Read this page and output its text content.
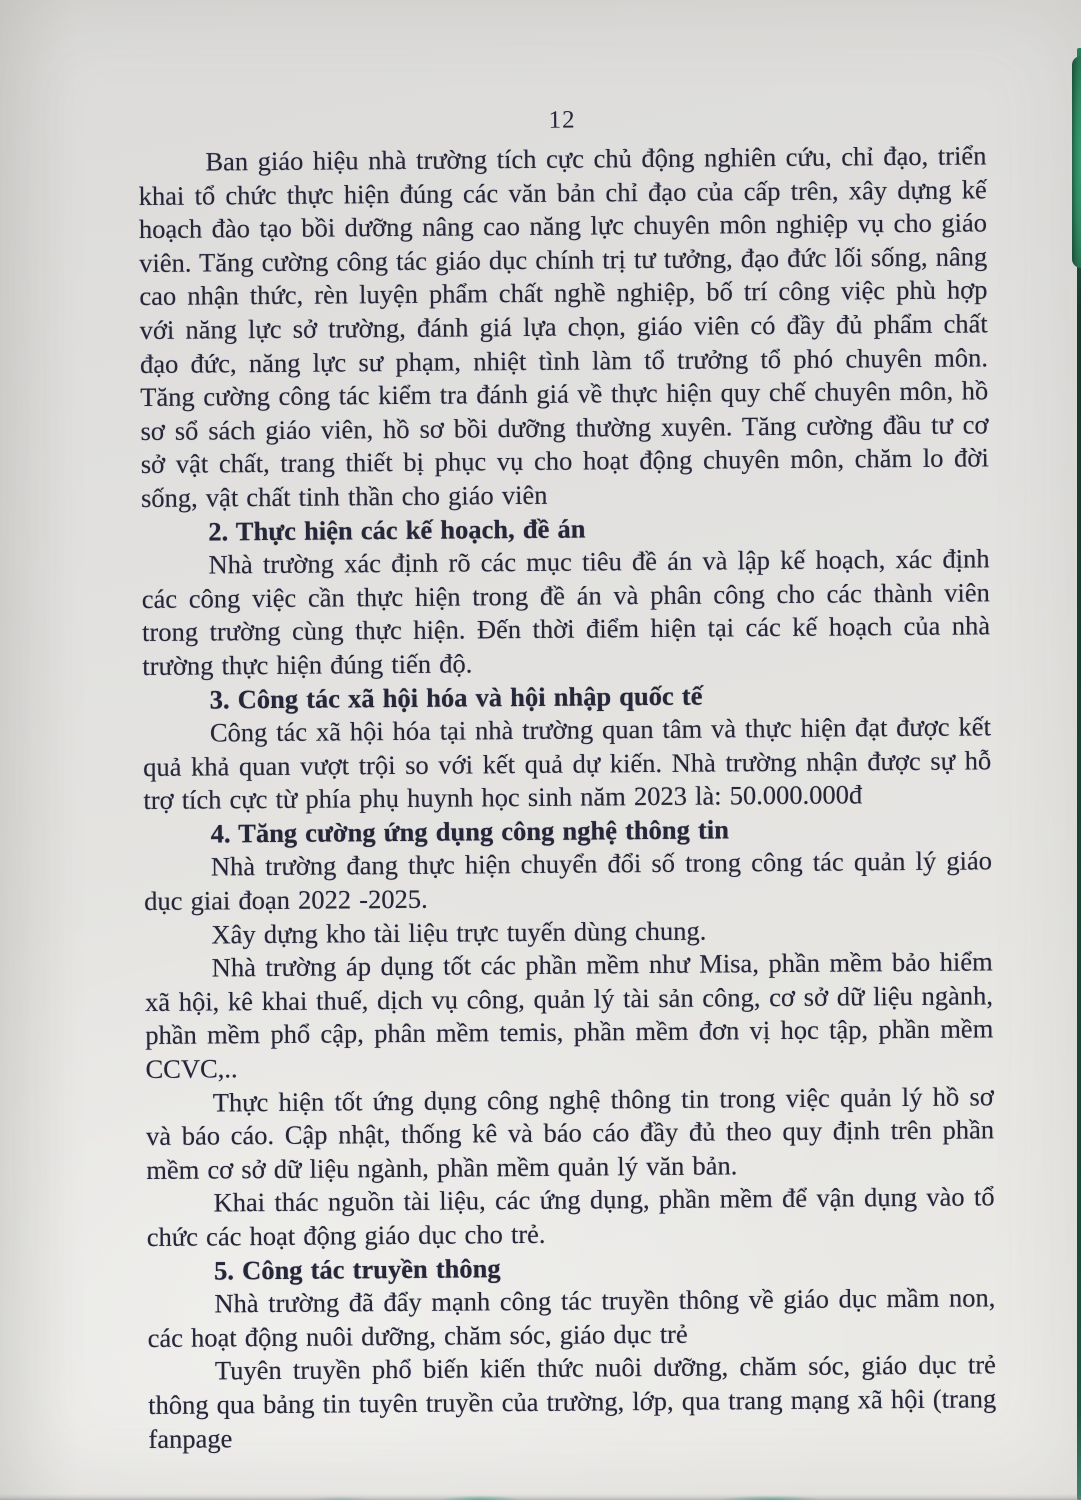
12

Ban giáo hiệu nhà trường tích cực chủ động nghiên cứu, chỉ đạo, triển khai tổ chức thực hiện đúng các văn bản chỉ đạo của cấp trên, xây dựng kế hoạch đào tạo bồi dưỡng nâng cao năng lực chuyên môn nghiệp vụ cho giáo viên. Tăng cường công tác giáo dục chính trị tư tưởng, đạo đức lối sống, nâng cao nhận thức, rèn luyện phẩm chất nghề nghiệp, bố trí công việc phù hợp với năng lực sở trường, đánh giá lựa chọn, giáo viên có đầy đủ phẩm chất đạo đức, năng lực sư phạm, nhiệt tình làm tổ trưởng tổ phó chuyên môn. Tăng cường công tác kiểm tra đánh giá về thực hiện quy chế chuyên môn, hồ sơ sổ sách giáo viên, hồ sơ bồi dưỡng thường xuyên. Tăng cường đầu tư cơ sở vật chất, trang thiết bị phục vụ cho hoạt động chuyên môn, chăm lo đời sống, vật chất tinh thần cho giáo viên

2. Thực hiện các kế hoạch, đề án

Nhà trường xác định rõ các mục tiêu đề án và lập kế hoạch, xác định các công việc cần thực hiện trong đề án và phân công cho các thành viên trong trường cùng thực hiện. Đến thời điểm hiện tại các kế hoạch của nhà trường thực hiện đúng tiến độ.

3. Công tác xã hội hóa và hội nhập quốc tế

Công tác xã hội hóa tại nhà trường quan tâm và thực hiện đạt được kết quả khả quan vượt trội so với kết quả dự kiến. Nhà trường nhận được sự hỗ trợ tích cực từ phía phụ huynh học sinh năm 2023 là: 50.000.000đ

4. Tăng cường ứng dụng công nghệ thông tin

Nhà trường đang thực hiện chuyển đổi số trong công tác quản lý giáo dục giai đoạn 2022 -2025.

Xây dựng kho tài liệu trực tuyến dùng chung.

Nhà trường áp dụng tốt các phần mềm như Misa, phần mềm bảo hiểm xã hội, kê khai thuế, dịch vụ công, quản lý tài sản công, cơ sở dữ liệu ngành, phần mềm phổ cập, phân mềm temis, phần mềm đơn vị học tập, phần mềm CCVC,..

Thực hiện tốt ứng dụng công nghệ thông tin trong việc quản lý hồ sơ và báo cáo. Cập nhật, thống kê và báo cáo đầy đủ theo quy định trên phần mềm cơ sở dữ liệu ngành, phần mềm quản lý văn bản.

Khai thác nguồn tài liệu, các ứng dụng, phần mềm để vận dụng vào tổ chức các hoạt động giáo dục cho trẻ.

5. Công tác truyền thông

Nhà trường đã đẩy mạnh công tác truyền thông về giáo dục mầm non, các hoạt động nuôi dưỡng, chăm sóc, giáo dục trẻ

Tuyên truyền phổ biến kiến thức nuôi dưỡng, chăm sóc, giáo dục trẻ thông qua bảng tin tuyên truyền của trường, lớp, qua trang mạng xã hội (trang fanpage
